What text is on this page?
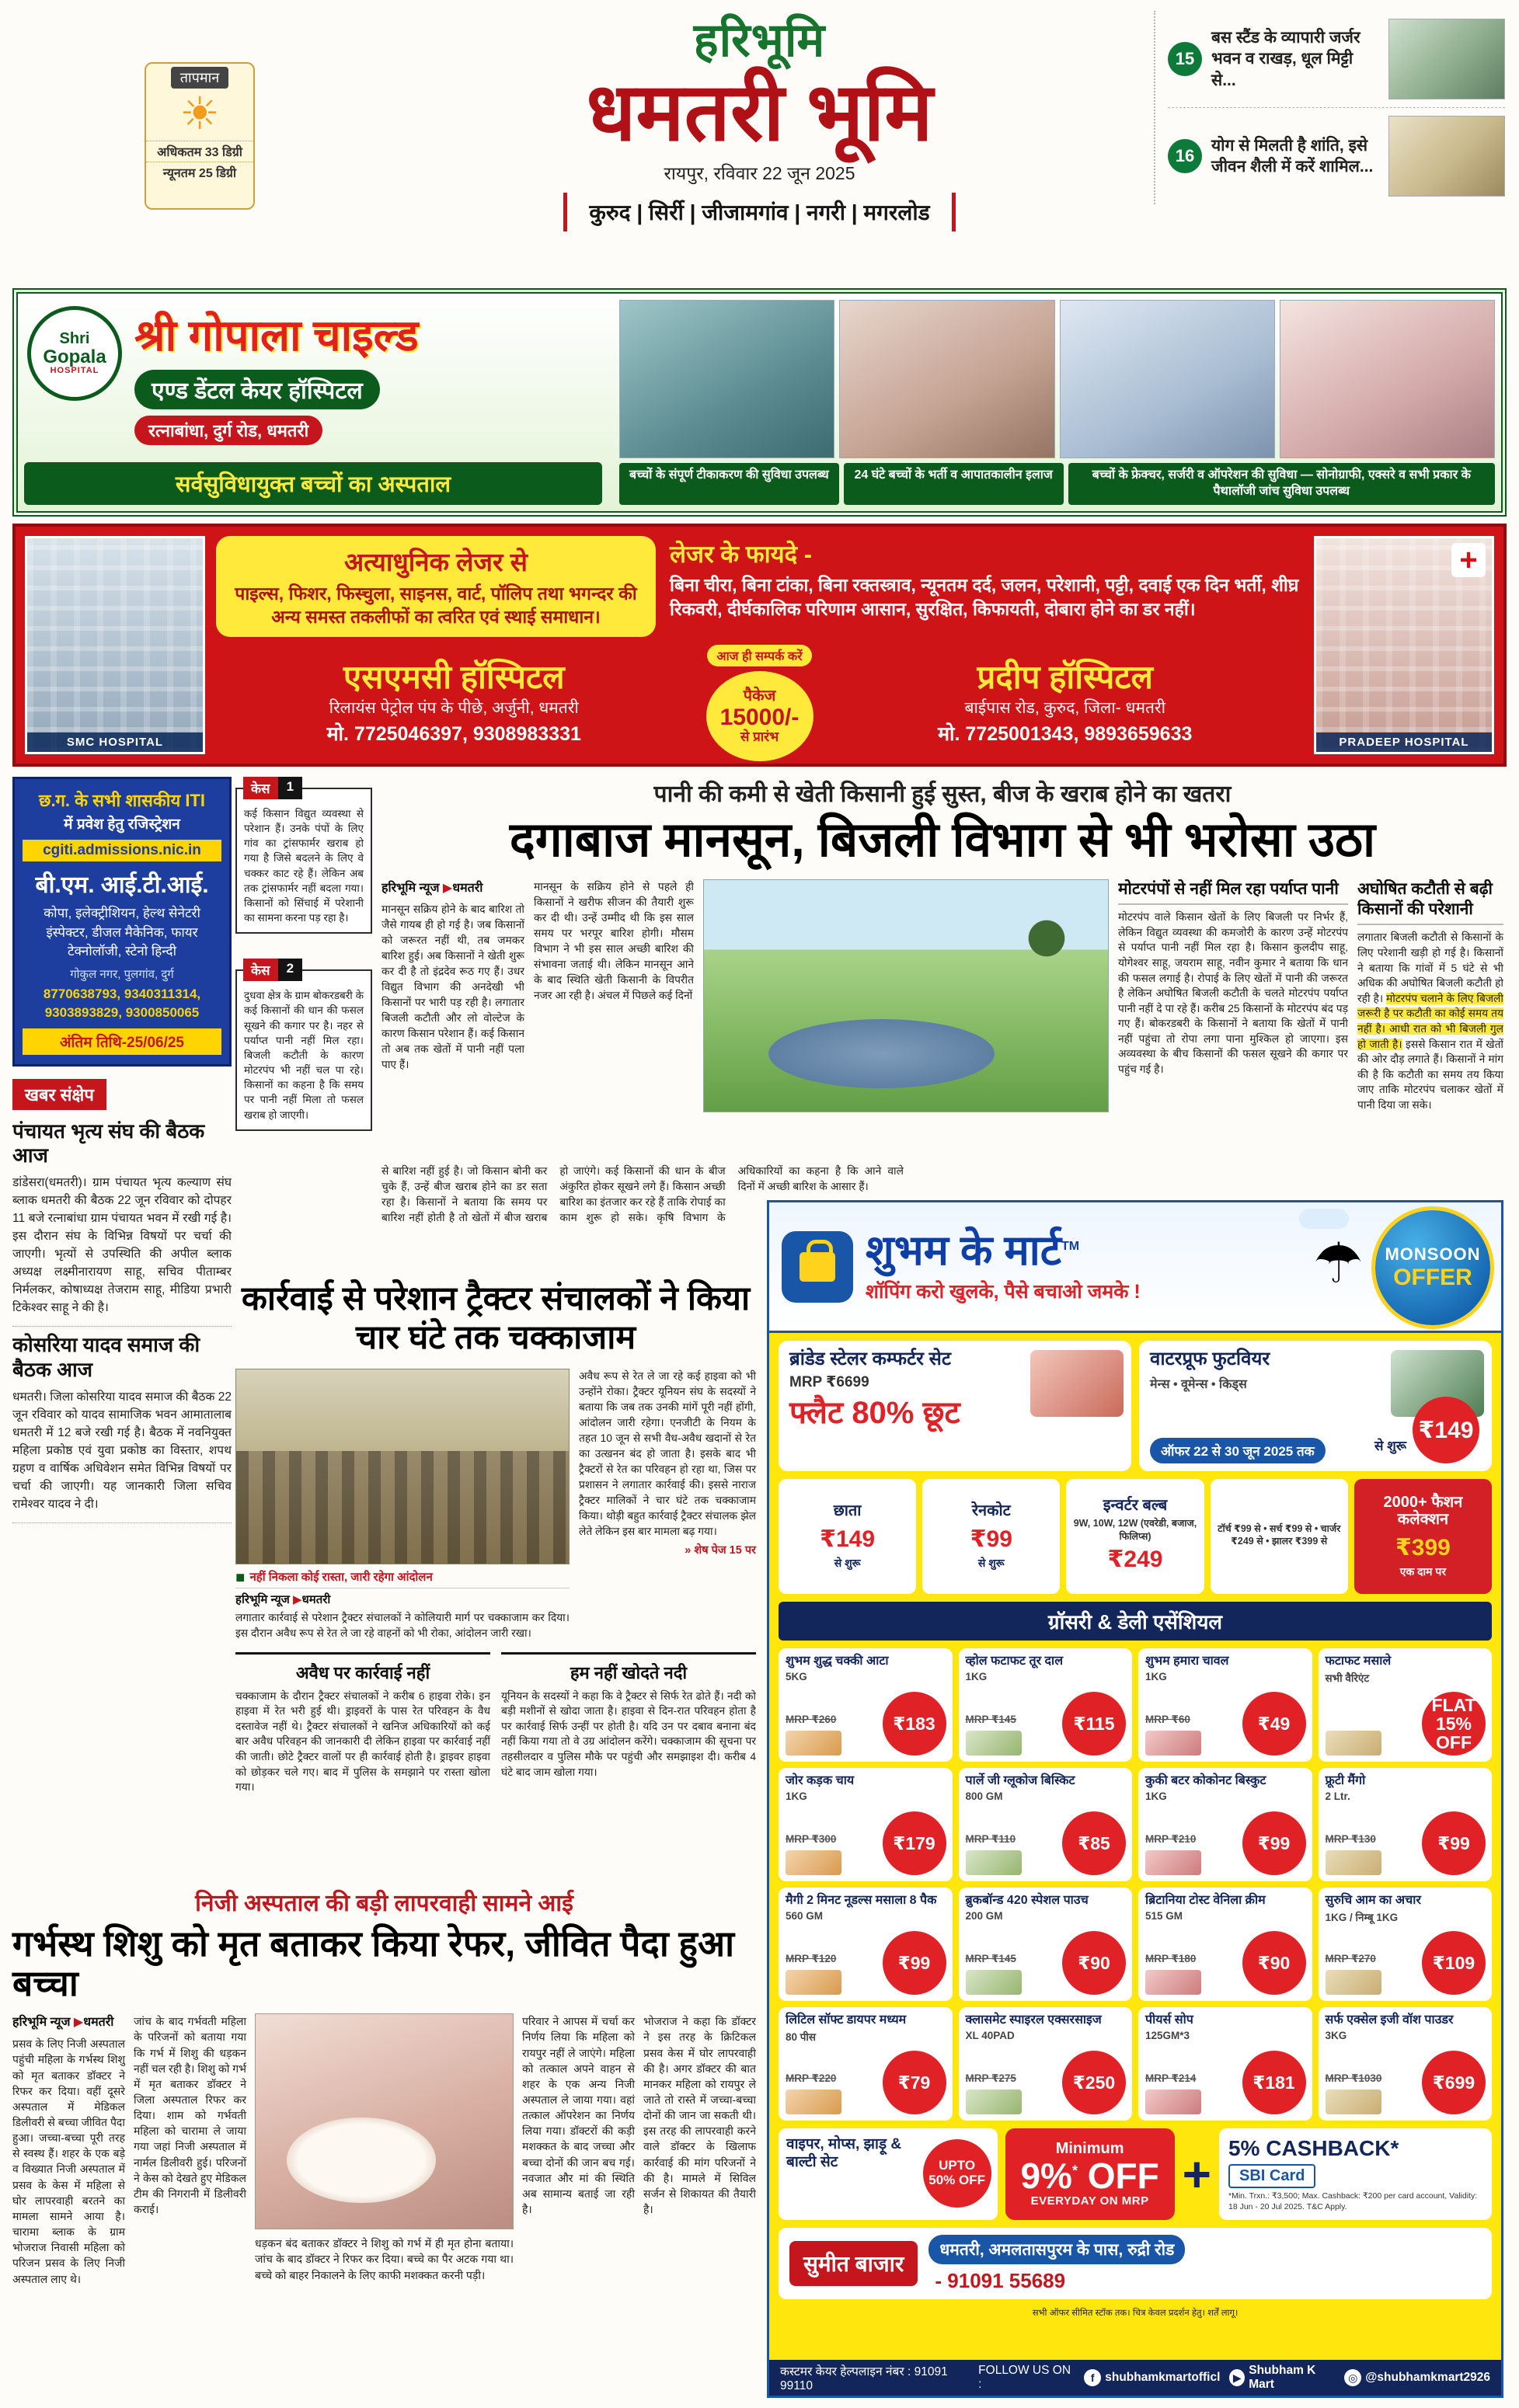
तापमान
☀
अधिकतम 33 डिग्री
न्यूनतम 25 डिग्री
हरिभूमि
धमतरी भूमि
रायपुर, रविवार 22 जून 2025
कुरुद | सिर्री | जीजामगांव | नगरी | मगरलोड
15
बस स्टैंड के व्यापारी जर्जर भवन व राखड़, धूल मिट्टी से...
16
योग से मिलती है शांति, इसे जीवन शैली में करें शामिल...
Shri
Gopala
HOSPITAL
श्री गोपाला चाइल्ड
एण्ड डेंटल केयर हॉस्पिटल
रत्नाबांधा, दुर्ग रोड, धमतरी
सर्वसुविधायुक्त बच्चों का अस्पताल	बच्चों के संपूर्ण टीकाकरण की सुविधा उपलब्ध	24 घंटे बच्चों के भर्ती व आपातकालीन इलाज	बच्चों के फ्रेक्चर, सर्जरी व ऑपरेशन की सुविधा — सोनोग्राफी, एक्सरे व सभी प्रकार के पैथालॉजी जांच सुविधा उपलब्ध
SMC HOSPITAL
अत्याधुनिक लेजर से
पाइल्स, फिशर, फिस्चुला, साइनस, वार्ट, पॉलिप तथा भगन्दर की अन्य समस्त तकलीफों का त्वरित एवं स्थाई समाधान।
लेजर के फायदे -
बिना चीरा, बिना टांका, बिना रक्तस्त्राव, न्यूनतम दर्द, जलन, परेशानी, पट्टी, दवाई एक दिन भर्ती, शीघ्र रिकवरी, दीर्घकालिक परिणाम आसान, सुरक्षित, किफायती, दोबारा होने का डर नहीं।
एसएमसी हॉस्पिटल
रिलायंस पेट्रोल पंप के पीछे, अर्जुनी, धमतरी
मो. 7725046397, 9308983331
आज ही सम्पर्क करें
पैकेज
15000/-
से प्रारंभ
प्रदीप हॉस्पिटल
बाईपास रोड, कुरुद, जिला- धमतरी
मो. 7725001343, 9893659633
+
PRADEEP HOSPITAL
छ.ग. के सभी शासकीय ITI
में प्रवेश हेतु रजिस्ट्रेशन
cgiti.admissions.nic.in
बी.एम. आई.टी.आई.
कोपा, इलेक्ट्रीशियन, हेल्थ सेनेटरी इंस्पेक्टर, डीजल मैकेनिक, फायर टेक्नोलॉजी, स्टेनो हिन्दी
गोकुल नगर, पुलगांव, दुर्ग
8770638793, 9340311314, 9303893829, 9300850065
अंतिम तिथि-25/06/25
खबर संक्षेप
पंचायत भृत्य संघ की बैठक आज

डांडेसरा(धमतरी)। ग्राम पंचायत भृत्य कल्याण संघ ब्लाक धमतरी की बैठक 22 जून रविवार को दोपहर 11 बजे रत्नाबांधा ग्राम पंचायत भवन में रखी गई है। इस दौरान संघ के विभिन्न विषयों पर चर्चा की जाएगी। भृत्यों से उपस्थिति की अपील ब्लाक अध्यक्ष लक्ष्मीनारायण साहू, सचिव पीताम्बर निर्मलकर, कोषाध्यक्ष तेजराम साहू, मीडिया प्रभारी टिकेश्वर साहू ने की है।

कोसरिया यादव समाज की बैठक आज

धमतरी। जिला कोसरिया यादव समाज की बैठक 22 जून रविवार को यादव सामाजिक भवन आमातालाब धमतरी में 12 बजे रखी गई है। बैठक में नवनियुक्त महिला प्रकोष्ठ एवं युवा प्रकोष्ठ का विस्तार, शपथ ग्रहण व वार्षिक अधिवेशन समेत विभिन्न विषयों पर चर्चा की जाएगी। यह जानकारी जिला सचिव रामेश्वर यादव ने दी।

केस	1

कई किसान विद्युत व्यवस्था से परेशान हैं। उनके पंपों के लिए गांव का ट्रांसफार्मर खराब हो गया है जिसे बदलने के लिए वे चक्कर काट रहे हैं। लेकिन अब तक ट्रांसफार्मर नहीं बदला गया। किसानों को सिंचाई में परेशानी का सामना करना पड़ रहा है।

केस	2

दुधवा क्षेत्र के ग्राम बोकरडबरी के कई किसानों की धान की फसल सूखने की कगार पर है। नहर से पर्याप्त पानी नहीं मिल रहा। बिजली कटौती के कारण मोटरपंप भी नहीं चल पा रहे। किसानों का कहना है कि समय पर पानी नहीं मिला तो फसल खराब हो जाएगी।

पानी की कमी से खेती किसानी हुई सुस्त, बीज के खराब होने का खतरा
दगाबाज मानसून, बिजली विभाग से भी भरोसा उठा
हरिभूमि न्यूज ▶धमतरी

मानसून सक्रिय होने के बाद बारिश तो जैसे गायब ही हो गई है। जब किसानों को जरूरत नहीं थी, तब जमकर बारिश हुई। अब किसानों ने खेती शुरू कर दी है तो इंद्रदेव रूठ गए हैं। उधर विद्युत विभाग की अनदेखी भी किसानों पर भारी पड़ रही है। लगातार बिजली कटौती और लो वोल्टेज के कारण किसान परेशान हैं। कई किसान तो अब तक खेतों में पानी नहीं पला पाए हैं।

मानसून के सक्रिय होने से पहले ही किसानों ने खरीफ सीजन की तैयारी शुरू कर दी थी। उन्हें उम्मीद थी कि इस साल समय पर भरपूर बारिश होगी। मौसम विभाग ने भी इस साल अच्छी बारिश की संभावना जताई थी। लेकिन मानसून आने के बाद स्थिति खेती किसानी के विपरीत नजर आ रही है। अंचल में पिछले कई दिनों

मोटरपंपों से नहीं मिल रहा पर्याप्त पानी

मोटरपंप वाले किसान खेतों के लिए बिजली पर निर्भर हैं, लेकिन विद्युत व्यवस्था की कमजोरी के कारण उन्हें मोटरपंप से पर्याप्त पानी नहीं मिल रहा है। किसान कुलदीप साहू, योगेश्वर साहू, जयराम साहू, नवीन कुमार ने बताया कि धान की फसल लगाई है। रोपाई के लिए खेतों में पानी की जरूरत है लेकिन अघोषित बिजली कटौती के चलते मोटरपंप पर्याप्त पानी नहीं दे पा रहे हैं। करीब 25 किसानों के मोटरपंप बंद पड़ गए हैं। बोकरडबरी के किसानों ने बताया कि खेतों में पानी नहीं पहुंचा तो रोपा लगा पाना मुश्किल हो जाएगा। इस अव्यवस्था के बीच किसानों की फसल सूखने की कगार पर पहुंच गई है।

अघोषित कटौती से बढ़ी किसानों की परेशानी

लगातार बिजली कटौती से किसानों के लिए परेशानी खड़ी हो गई है। किसानों ने बताया कि गांवों में 5 घंटे से भी अधिक की अघोषित बिजली कटौती हो रही है। मोटरपंप चलाने के लिए बिजली जरूरी है पर कटौती का कोई समय तय नहीं है। आधी रात को भी बिजली गुल हो जाती है। इससे किसान रात में खेतों की ओर दौड़ लगाते हैं। किसानों ने मांग की है कि कटौती का समय तय किया जाए ताकि मोटरपंप चलाकर खेतों में पानी दिया जा सके।

से बारिश नहीं हुई है। जो किसान बोनी कर चुके हैं, उन्हें बीज खराब होने का डर सता रहा है। किसानों ने बताया कि समय पर बारिश नहीं होती है तो खेतों में बीज खराब हो जाएंगे। कई किसानों की धान के बीज अंकुरित होकर सूखने लगे हैं। किसान अच्छी बारिश का इंतजार कर रहे हैं ताकि रोपाई का काम शुरू हो सके। कृषि विभाग के अधिकारियों का कहना है कि आने वाले दिनों में अच्छी बारिश के आसार हैं।
कार्रवाई से परेशान ट्रैक्टर संचालकों ने किया चार घंटे तक चक्काजाम
◼ नहीं निकला कोई रास्ता, जारी रहेगा आंदोलन
हरिभूमि न्यूज ▶धमतरी

लगातार कार्रवाई से परेशान ट्रैक्टर संचालकों ने कोलियारी मार्ग पर चक्काजाम कर दिया। इस दौरान अवैध रूप से रेत ले जा रहे वाहनों को भी रोका, आंदोलन जारी रखा।

अवैध रूप से रेत ले जा रहे कई हाइवा को भी उन्होंने रोका। ट्रैक्टर यूनियन संघ के सदस्यों ने बताया कि जब तक उनकी मांगें पूरी नहीं होंगी, आंदोलन जारी रहेगा। एनजीटी के नियम के तहत 10 जून से सभी वैध-अवैध खदानों से रेत का उत्खनन बंद हो जाता है। इसके बाद भी ट्रैक्टरों से रेत का परिवहन हो रहा था, जिस पर प्रशासन ने लगातार कार्रवाई की। इससे नाराज ट्रैक्टर मालिकों ने चार घंटे तक चक्काजाम किया। थोड़ी बहुत कार्रवाई ट्रैक्टर संचालक झेल लेते लेकिन इस बार मामला बढ़ गया।

» शेष पेज 15 पर
अवैध पर कार्रवाई नहीं

चक्काजाम के दौरान ट्रैक्टर संचालकों ने करीब 6 हाइवा रोके। इन हाइवा में रेत भरी हुई थी। ड्राइवरों के पास रेत परिवहन के वैध दस्तावेज नहीं थे। ट्रैक्टर संचालकों ने खनिज अधिकारियों को कई बार अवैध परिवहन की जानकारी दी लेकिन हाइवा पर कार्रवाई नहीं की जाती। छोटे ट्रैक्टर वालों पर ही कार्रवाई होती है। ड्राइवर हाइवा को छोड़कर चले गए। बाद में पुलिस के समझाने पर रास्ता खोला गया।

हम नहीं खोदते नदी

यूनियन के सदस्यों ने कहा कि वे ट्रैक्टर से सिर्फ रेत ढोते हैं। नदी को बड़ी मशीनों से खोदा जाता है। हाइवा से दिन-रात परिवहन होता है पर कार्रवाई सिर्फ उन्हीं पर होती है। यदि उन पर दबाव बनाना बंद नहीं किया गया तो वे उग्र आंदोलन करेंगे। चक्काजाम की सूचना पर तहसीलदार व पुलिस मौके पर पहुंची और समझाइश दी। करीब 4 घंटे बाद जाम खोला गया।

निजी अस्पताल की बड़ी लापरवाही सामने आई
गर्भस्थ शिशु को मृत बताकर किया रेफर, जीवित पैदा हुआ बच्चा
हरिभूमि न्यूज ▶धमतरी

प्रसव के लिए निजी अस्पताल पहुंची महिला के गर्भस्थ शिशु को मृत बताकर डॉक्टर ने रिफर कर दिया। वहीं दूसरे अस्पताल में मेडिकल डिलीवरी से बच्चा जीवित पैदा हुआ। जच्चा-बच्चा पूरी तरह से स्वस्थ हैं। शहर के एक बड़े व विख्यात निजी अस्पताल में प्रसव के केस में महिला से घोर लापरवाही बरतने का मामला सामने आया है। चारामा ब्लाक के ग्राम भोजराज निवासी महिला को परिजन प्रसव के लिए निजी अस्पताल लाए थे।

जांच के बाद गर्भवती महिला के परिजनों को बताया गया कि गर्भ में शिशु की धड़कन नहीं चल रही है। शिशु को गर्भ में मृत बताकर डॉक्टर ने जिला अस्पताल रिफर कर दिया। शाम को गर्भवती महिला को चारामा ले जाया गया जहां निजी अस्पताल में नार्मल डिलीवरी हुई। परिजनों ने केस को देखते हुए मेडिकल टीम की निगरानी में डिलीवरी कराई।

धड़कन बंद बताकर डॉक्टर ने शिशु को गर्भ में ही मृत होना बताया। जांच के बाद डॉक्टर ने रिफर कर दिया। बच्चे का पैर अटक गया था। बच्चे को बाहर निकालने के लिए काफी मशक्कत करनी पड़ी।

परिवार ने आपस में चर्चा कर निर्णय लिया कि महिला को रायपुर नहीं ले जाएंगे। महिला को तत्काल अपने वाहन से शहर के एक अन्य निजी अस्पताल ले जाया गया। वहां तत्काल ऑपरेशन का निर्णय लिया गया। डॉक्टरों की कड़ी मशक्कत के बाद जच्चा और बच्चा दोनों की जान बच गई। नवजात और मां की स्थिति अब सामान्य बताई जा रही है।

भोजराज ने कहा कि डॉक्टर ने इस तरह के क्रिटिकल प्रसव केस में घोर लापरवाही की है। अगर डॉक्टर की बात मानकर महिला को रायपुर ले जाते तो रास्ते में जच्चा-बच्चा दोनों की जान जा सकती थी। इस तरह की लापरवाही करने वाले डॉक्टर के खिलाफ कार्रवाई की मांग परिजनों ने की है। मामले में सिविल सर्जन से शिकायत की तैयारी है।

शुभम के मार्ट™
शॉपिंग करो खुलके, पैसे बचाओ जमके !	☂ MONSOON
OFFER
ब्रांडेड स्टेलर कम्फर्टर सेट
MRP ₹6699
फ्लैट 80% छूट
वाटरप्रूफ फुटवियर
मेन्स • वूमेन्स • किड्स
से शुरू
₹149
ऑफर 22 से 30 जून 2025 तक
छाता
₹149
से शुरू
रेनकोट
₹99
से शुरू
इन्वर्टर बल्ब
9W, 10W, 12W (एवरेडी, बजाज, फिलिप्स)
₹249
टॉर्च ₹99 से • सर्च ₹99 से • चार्जर ₹249 से • झालर ₹399 से
2000+ फैशन कलेक्शन
₹399
एक दाम पर
ग्रॉसरी & डेली एसेंशियल
शुभम शुद्ध चक्की आटा
5KG
MRP ₹260	₹183
व्होल फटाफट तूर दाल
1KG
MRP ₹145	₹115
शुभम हमारा चावल
1KG
MRP ₹60	₹49
फटाफट मसाले
सभी वैरिएंट
FLAT 15% OFF
जोर कड़क चाय
1KG
MRP ₹300	₹179
पार्ले जी ग्लूकोज बिस्किट
800 GM
MRP ₹110	₹85
कुकी बटर कोकोनट बिस्कुट
1KG
MRP ₹210	₹99
फ्रूटी मैंगो
2 Ltr.
MRP ₹130	₹99
मैगी 2 मिनट नूडल्स मसाला 8 पैक
560 GM
MRP ₹120	₹99
ब्रुकबॉन्ड 420 स्पेशल पाउच
200 GM
MRP ₹145	₹90
ब्रिटानिया टोस्ट वेनिला क्रीम
515 GM
MRP ₹180	₹90
सुरुचि आम का अचार
1KG / निम्बू 1KG
MRP ₹270	₹109
लिटिल सॉफ्ट डायपर मध्यम
80 पीस
MRP ₹220	₹79
क्लासमेट स्पाइरल एक्सरसाइज
XL 40PAD
MRP ₹275	₹250
पीयर्स सोप
125GM*3
MRP ₹214	₹181
सर्फ एक्सेल इजी वॉश पाउडर
3KG
MRP ₹1030	₹699
वाइपर, मोप्स, झाड़ू & बाल्टी सेट	UPTO 50% OFF
Minimum
9%* OFF
EVERYDAY ON MRP + 5% CASHBACK*
SBI Card
*Min. Trxn.: ₹3,500; Max. Cashback: ₹200 per card account, Validity: 18 Jun - 20 Jul 2025. T&C Apply.
सुमीत बाजार
धमतरी, अमलतासपुरम के पास, रुद्री रोड
- 91091 55689
सभी ऑफर सीमित स्टॉक तक। चित्र केवल प्रदर्शन हेतु। शर्तें लागू।
कस्टमर केयर हेल्पलाइन नंबर : 91091 99110
FOLLOW US ON :	f shubhamkmartofficl	▶
Shubham K Mart
◎ @shubhamkmart2926
